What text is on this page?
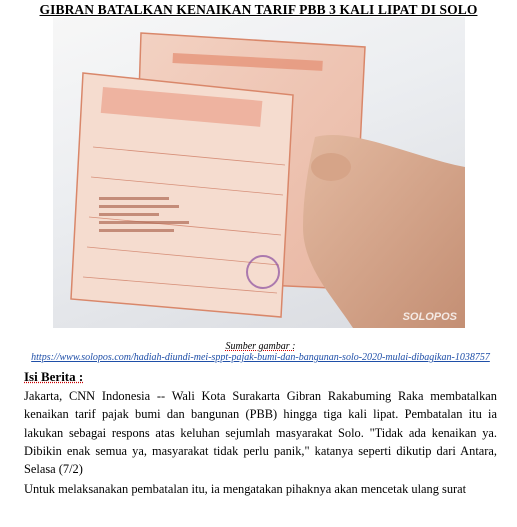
GIBRAN BATALKAN KENAIKAN TARIF PBB 3 KALI LIPAT DI SOLO
SOLOPOS
Sumber gambar :
https://www.solopos.com/hadiah-diundi-mei-sppt-pajak-bumi-dan-bangunan-solo-2020-mulai-dibagikan-1038757
Isi Berita :

Jakarta, CNN Indonesia -- Wali Kota Surakarta Gibran Rakabuming Raka membatalkan kenaikan tarif pajak bumi dan bangunan (PBB) hingga tiga kali lipat. Pembatalan itu ia lakukan sebagai respons atas keluhan sejumlah masyarakat Solo. "Tidak ada kenaikan ya. Dibikin enak semua ya, masyarakat tidak perlu panik," katanya seperti dikutip dari Antara, Selasa (7/2)

Untuk melaksanakan pembatalan itu, ia mengatakan pihaknya akan mencetak ulang surat
